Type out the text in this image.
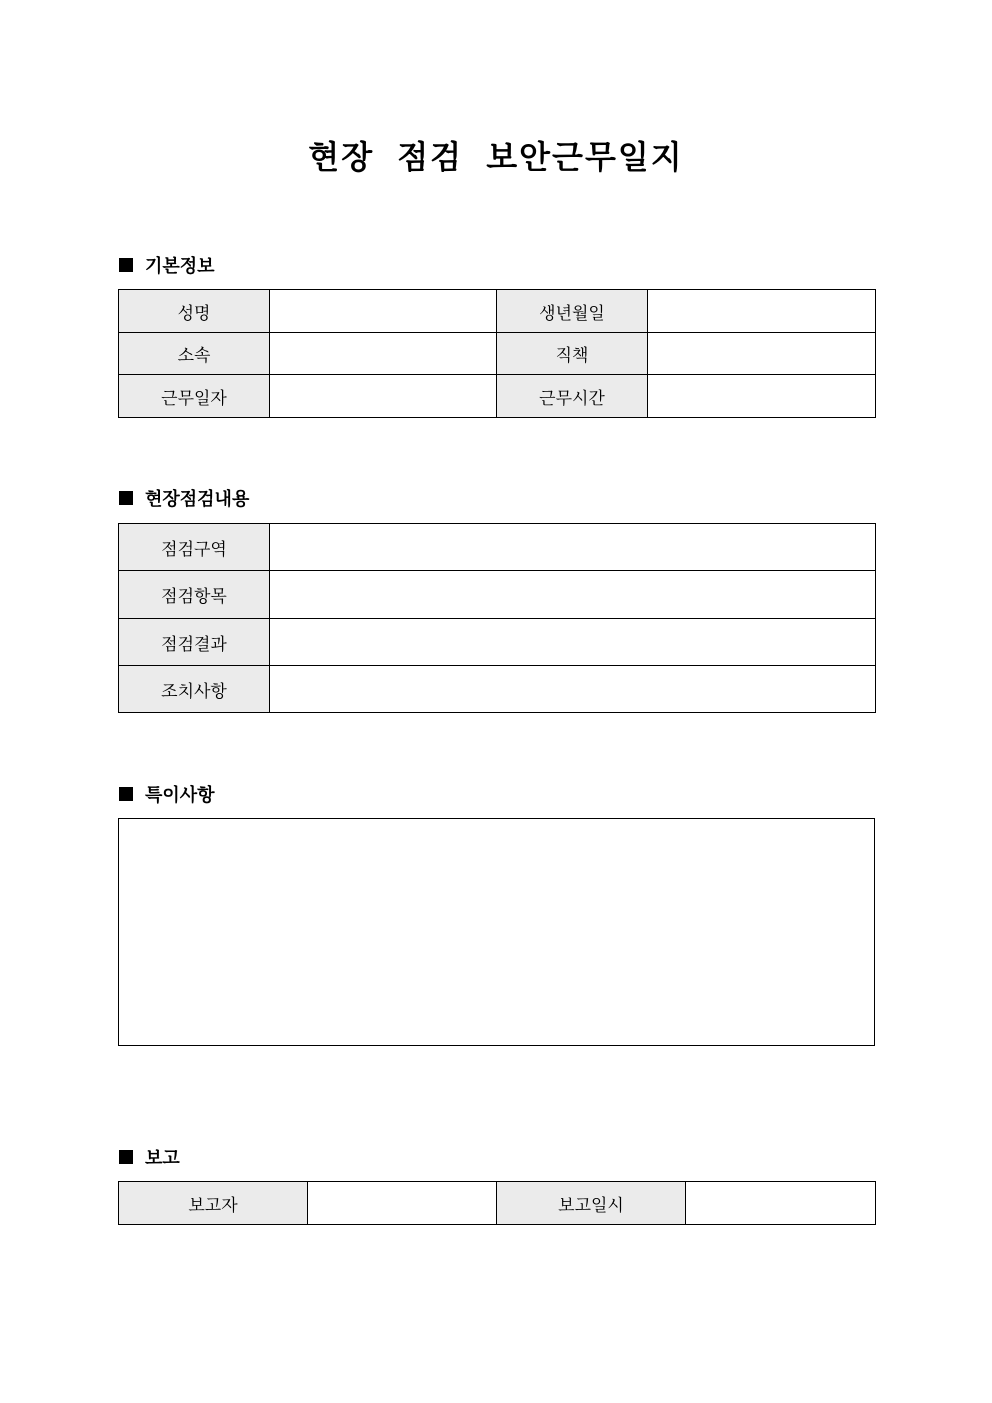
현장 점검 보안근무일지
기본정보
성명		생년월일	
소속		직책	
근무일자		근무시간	
현장점검내용
점검구역	
점검항목	
점검결과	
조치사항	
특이사항
보고
보고자		보고일시	
